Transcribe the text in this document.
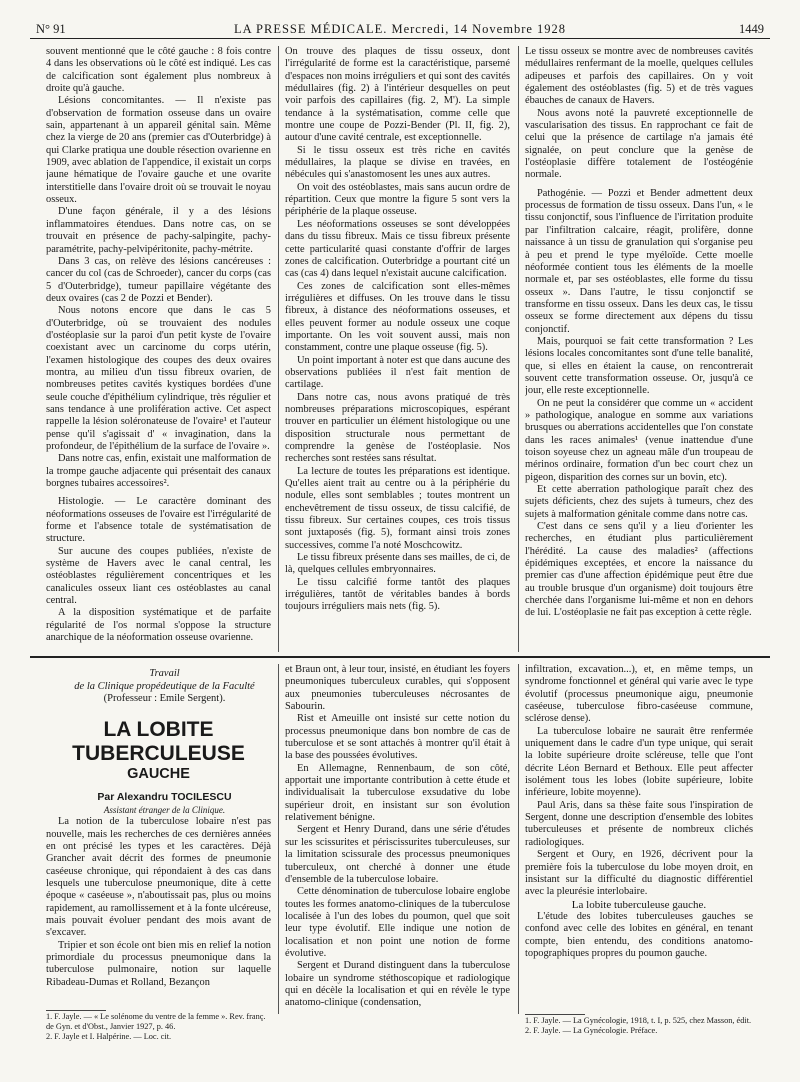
N° 91	LA PRESSE MÉDICALE. Mercredi, 14 Novembre 1928	1449

souvent mentionné que le côté gauche : 8 fois contre 4 dans les observations où le côté est indiqué. Les cas de calcification sont également plus nombreux à droite qu'à gauche.

Lésions concomitantes. — Il n'existe pas d'observation de formation osseuse dans un ovaire sain, appartenant à un appareil génital sain. Même chez la vierge de 20 ans (premier cas d'Outerbridge) à qui Clarke pratiqua une double résection ovarienne en 1909, avec ablation de l'appendice, il existait un corps jaune hématique de l'ovaire gauche et une ovarite interstitielle dans l'ovaire droit où se trouvait le noyau osseux.

D'une façon générale, il y a des lésions inflammatoires étendues. Dans notre cas, on se trouvait en présence de pachy-salpingite, pachy-paramétrite, pachy-pelvipéritonite, pachy-métrite.

Dans 3 cas, on relève des lésions cancéreuses : cancer du col (cas de Schroeder), cancer du corps (cas 5 d'Outerbridge), tumeur papillaire végétante des deux ovaires (cas 2 de Pozzi et Bender).

Nous notons encore que dans le cas 5 d'Outerbridge, où se trouvaient des nodules d'ostéoplasie sur la paroi d'un petit kyste de l'ovaire coexistant avec un carcinome du corps utérin, l'examen histologique des coupes des deux ovaires montra, au milieu d'un tissu fibreux ovarien, de nombreuses petites cavités kystiques bordées d'une seule couche d'épithélium cylindrique, très régulier et sans tendance à une prolifération active. Cet aspect rappelle la lésion soléronateuse de l'ovaire¹ et l'auteur pense qu'il s'agissait d' « invagination, dans la profondeur, de l'épithélium de la surface de l'ovaire ».

Dans notre cas, enfin, existait une malformation de la trompe gauche adjacente qui présentait des canaux borgnes tubaires accessoires².

Histologie. — Le caractère dominant des néoformations osseuses de l'ovaire est l'irrégularité de forme et l'absence totale de systématisation de structure.

Sur aucune des coupes publiées, n'existe de système de Havers avec le canal central, les ostéoblastes régulièrement concentriques et les canalicules osseux liant ces ostéoblastes au canal central.

A la disposition systématique et de parfaite régularité de l'os normal s'oppose la structure anarchique de la néoformation osseuse ovarienne.

On trouve des plaques de tissu osseux, dont l'irrégularité de forme est la caractéristique, parsemé d'espaces non moins irréguliers et qui sont des cavités médullaires (fig. 2) à l'intérieur desquelles on peut voir parfois des capillaires (fig. 2, M'). La simple tendance à la systématisation, comme celle que montre une coupe de Pozzi-Bender (Pl. II, fig. 2), autour d'une cavité centrale, est exceptionnelle.

Si le tissu osseux est très riche en cavités médullaires, la plaque se divise en travées, en nébécules qui s'anastomosent les unes aux autres.

On voit des ostéoblastes, mais sans aucun ordre de répartition. Ceux que montre la figure 5 sont vers la périphérie de la plaque osseuse.

Les néoformations osseuses se sont développées dans du tissu fibreux. Mais ce tissu fibreux présente cette particularité quasi constante d'offrir de larges zones de calcification. Outerbridge a pourtant cité un cas (cas 4) dans lequel n'existait aucune calcification.

Ces zones de calcification sont elles-mêmes irrégulières et diffuses. On les trouve dans le tissu fibreux, à distance des néoformations osseuses, et elles peuvent former au nodule osseux une coque importante. On les voit souvent aussi, mais non constamment, contre une plaque osseuse (fig. 5).

Un point important à noter est que dans aucune des observations publiées il n'est fait mention de cartilage.

Dans notre cas, nous avons pratiqué de très nombreuses préparations microscopiques, espérant trouver en particulier un élément histologique ou une disposition structurale nous permettant de comprendre la genèse de l'ostéoplasie. Nos recherches sont restées sans résultat.

La lecture de toutes les préparations est identique. Qu'elles aient trait au centre ou à la périphérie du nodule, elles sont semblables ; toutes montrent un enchevêtrement de tissu osseux, de tissu calcifié, de tissu fibreux. Sur certaines coupes, ces trois tissus sont juxtaposés (fig. 5), formant ainsi trois zones successives, comme l'a noté Moschcowitz.

Le tissu fibreux présente dans ses mailles, de ci, de là, quelques cellules embryonnaires.

Le tissu calcifié forme tantôt des plaques irrégulières, tantôt de véritables bandes à bords toujours irréguliers mais nets (fig. 5).

Le tissu osseux se montre avec de nombreuses cavités médullaires renfermant de la moelle, quelques cellules adipeuses et parfois des capillaires. On y voit également des ostéoblastes (fig. 5) et de très vagues ébauches de canaux de Havers.

Nous avons noté la pauvreté exceptionnelle de vascularisation des tissus. En rapprochant ce fait de celui que la présence de cartilage n'a jamais été signalée, on peut conclure que la genèse de l'ostéoplasie diffère totalement de l'ostéogénie normale.

Pathogénie. — Pozzi et Bender admettent deux processus de formation de tissu osseux. Dans l'un, « le tissu conjonctif, sous l'influence de l'irritation produite par l'infiltration calcaire, réagit, prolifère, donne naissance à un tissu de granulation qui s'organise peu à peu et prend le type myéloïde. Cette moelle néoformée contient tous les éléments de la moelle normale et, par ses ostéoblastes, elle forme du tissu osseux ». Dans l'autre, le tissu conjonctif se transforme en tissu osseux. Dans les deux cas, le tissu osseux se forme directement aux dépens du tissu conjonctif.

Mais, pourquoi se fait cette transformation ? Les lésions locales concomitantes sont d'une telle banalité, que, si elles en étaient la cause, on rencontrerait souvent cette transformation osseuse. Or, jusqu'à ce jour, elle reste exceptionnelle.

On ne peut la considérer que comme un « accident » pathologique, analogue en somme aux variations brusques ou aberrations accidentelles que l'on constate dans les races animales¹ (venue inattendue d'une toison soyeuse chez un agneau mâle d'un troupeau de mérinos ordinaire, formation d'un bec court chez un pigeon, disparition des cornes sur un bovin, etc).

Et cette aberration pathologique paraît chez des sujets déficients, chez des sujets à tumeurs, chez des sujets à malformation génitale comme dans notre cas.

C'est dans ce sens qu'il y a lieu d'orienter les recherches, en étudiant plus particulièrement l'hérédité. La cause des maladies² (affections épidémiques exceptées, et encore la naissance du premier cas d'une affection épidémique peut être due au trouble brusque d'un organisme) doit toujours être cherchée dans l'organisme lui-même et non en dehors de lui. L'ostéoplasie ne fait pas exception à cette règle.

Travail

de la Clinique propédeutique de la Faculté

(Professeur : Emile Sergent).

LA LOBITE TUBERCULEUSE
GAUCHE

Par Alexandru TOCILESCU

Assistant étranger de la Clinique.

La notion de la tuberculose lobaire n'est pas nouvelle, mais les recherches de ces dernières années en ont précisé les types et les caractères. Déjà Grancher avait décrit des formes de pneumonie caséeuse chronique, qui répondaient à des cas dans lesquels une tuberculose pneumonique, dite à cette époque « caséeuse », n'aboutissait pas, plus ou moins rapidement, au ramollissement et à la fonte ulcéreuse, mais pouvait évoluer pendant des mois avant de s'excaver.

Tripier et son école ont bien mis en relief la notion primordiale du processus pneumonique dans la tuberculose pulmonaire, notion sur laquelle Ribadeau-Dumas et Rolland, Bezançon

et Braun ont, à leur tour, insisté, en étudiant les foyers pneumoniques tuberculeux curables, qui s'opposent aux pneumonies tuberculeuses nécrosantes de Sabourin.

Rist et Ameuille ont insisté sur cette notion du processus pneumonique dans bon nombre de cas de tuberculose et se sont attachés à montrer qu'il était à la base des poussées évolutives.

En Allemagne, Rennenbaum, de son côté, apportait une importante contribution à cette étude et individualisait la tuberculose exsudative du lobe supérieur droit, en insistant sur son évolution relativement bénigne.

Sergent et Henry Durand, dans une série d'études sur les scissurites et périscissurites tuberculeuses, sur la limitation scissurale des processus pneumoniques tuberculeux, ont cherché à donner une étude d'ensemble de la tuberculose lobaire.

Cette dénomination de tuberculose lobaire englobe toutes les formes anatomo-cliniques de la tuberculose localisée à l'un des lobes du poumon, quel que soit leur type évolutif. Elle indique une notion de localisation et non point une notion de forme évolutive.

Sergent et Durand distinguent dans la tuberculose lobaire un syndrome stéthoscopique et radiologique qui en décèle la localisation et qui en révèle le type anatomo-clinique (condensation,

infiltration, excavation...), et, en même temps, un syndrome fonctionnel et général qui varie avec le type évolutif (processus pneumonique aigu, pneumonie caséeuse, tuberculose fibro-caséeuse commune, sclérose dense).

La tuberculose lobaire ne saurait être renfermée uniquement dans le cadre d'un type unique, qui serait la lobite supérieure droite scléreuse, telle que l'ont décrite Léon Bernard et Bethoux. Elle peut affecter isolément tous les lobes (lobite supérieure, lobite inférieure, lobite moyenne).

Paul Aris, dans sa thèse faite sous l'inspiration de Sergent, donne une description d'ensemble des lobites tuberculeuses et présente de nombreux clichés radiologiques.

Sergent et Oury, en 1926, décrivent pour la première fois la tuberculose du lobe moyen droit, en insistant sur la difficulté du diagnostic différentiel avec la pleurésie interlobaire.

La lobite tuberculeuse gauche.

L'étude des lobites tuberculeuses gauches se confond avec celle des lobites en général, en tenant compte, bien entendu, des conditions anatomo-topographiques propres du poumon gauche.

1. F. Jayle. — « Le solénome du ventre de la femme ». Rev. franç. de Gyn. et d'Obst., Janvier 1927, p. 46.
2. F. Jayle et I. Halpérine. — Loc. cit.
1. F. Jayle. — La Gynécologie, 1918, t. I, p. 525, chez Masson, édit.
2. F. Jayle. — La Gynécologie. Préface.
